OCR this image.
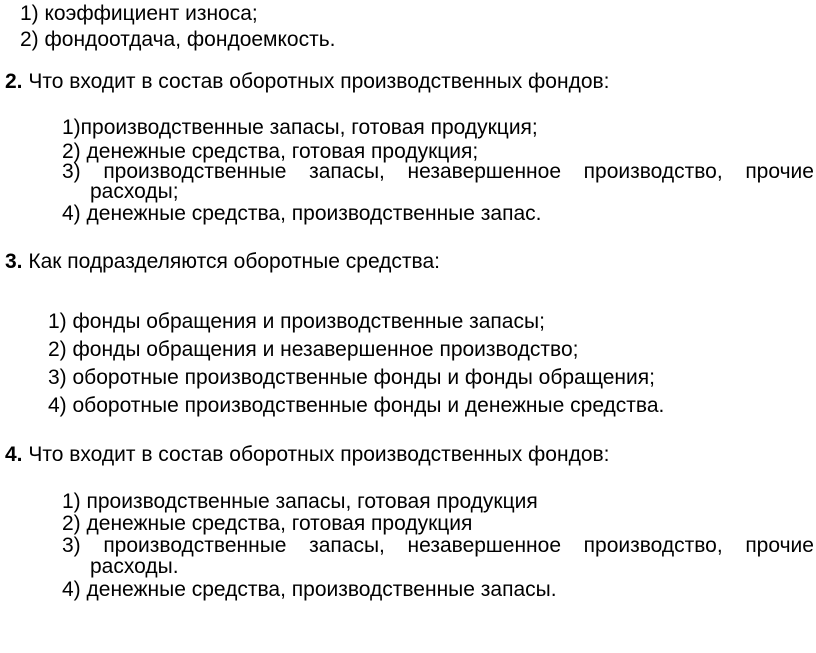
1) коэффициент износа;
2) фондоотдача, фондоемкость.
2. Что входит в состав оборотных производственных фондов:
1)производственные запасы, готовая продукция;
2) денежные средства, готовая продукция;
3) производственные запасы, незавершенное производство, прочие
расходы;
4) денежные средства, производственные запас.
3. Как подразделяются оборотные средства:
1) фонды обращения и производственные запасы;
2) фонды обращения и незавершенное производство;
3) оборотные производственные фонды и фонды обращения;
4) оборотные производственные фонды и денежные средства.
4. Что входит в состав оборотных производственных фондов:
1) производственные запасы, готовая продукция
2) денежные средства, готовая продукция
3) производственные запасы, незавершенное производство, прочие
расходы.
4) денежные средства, производственные запасы.
